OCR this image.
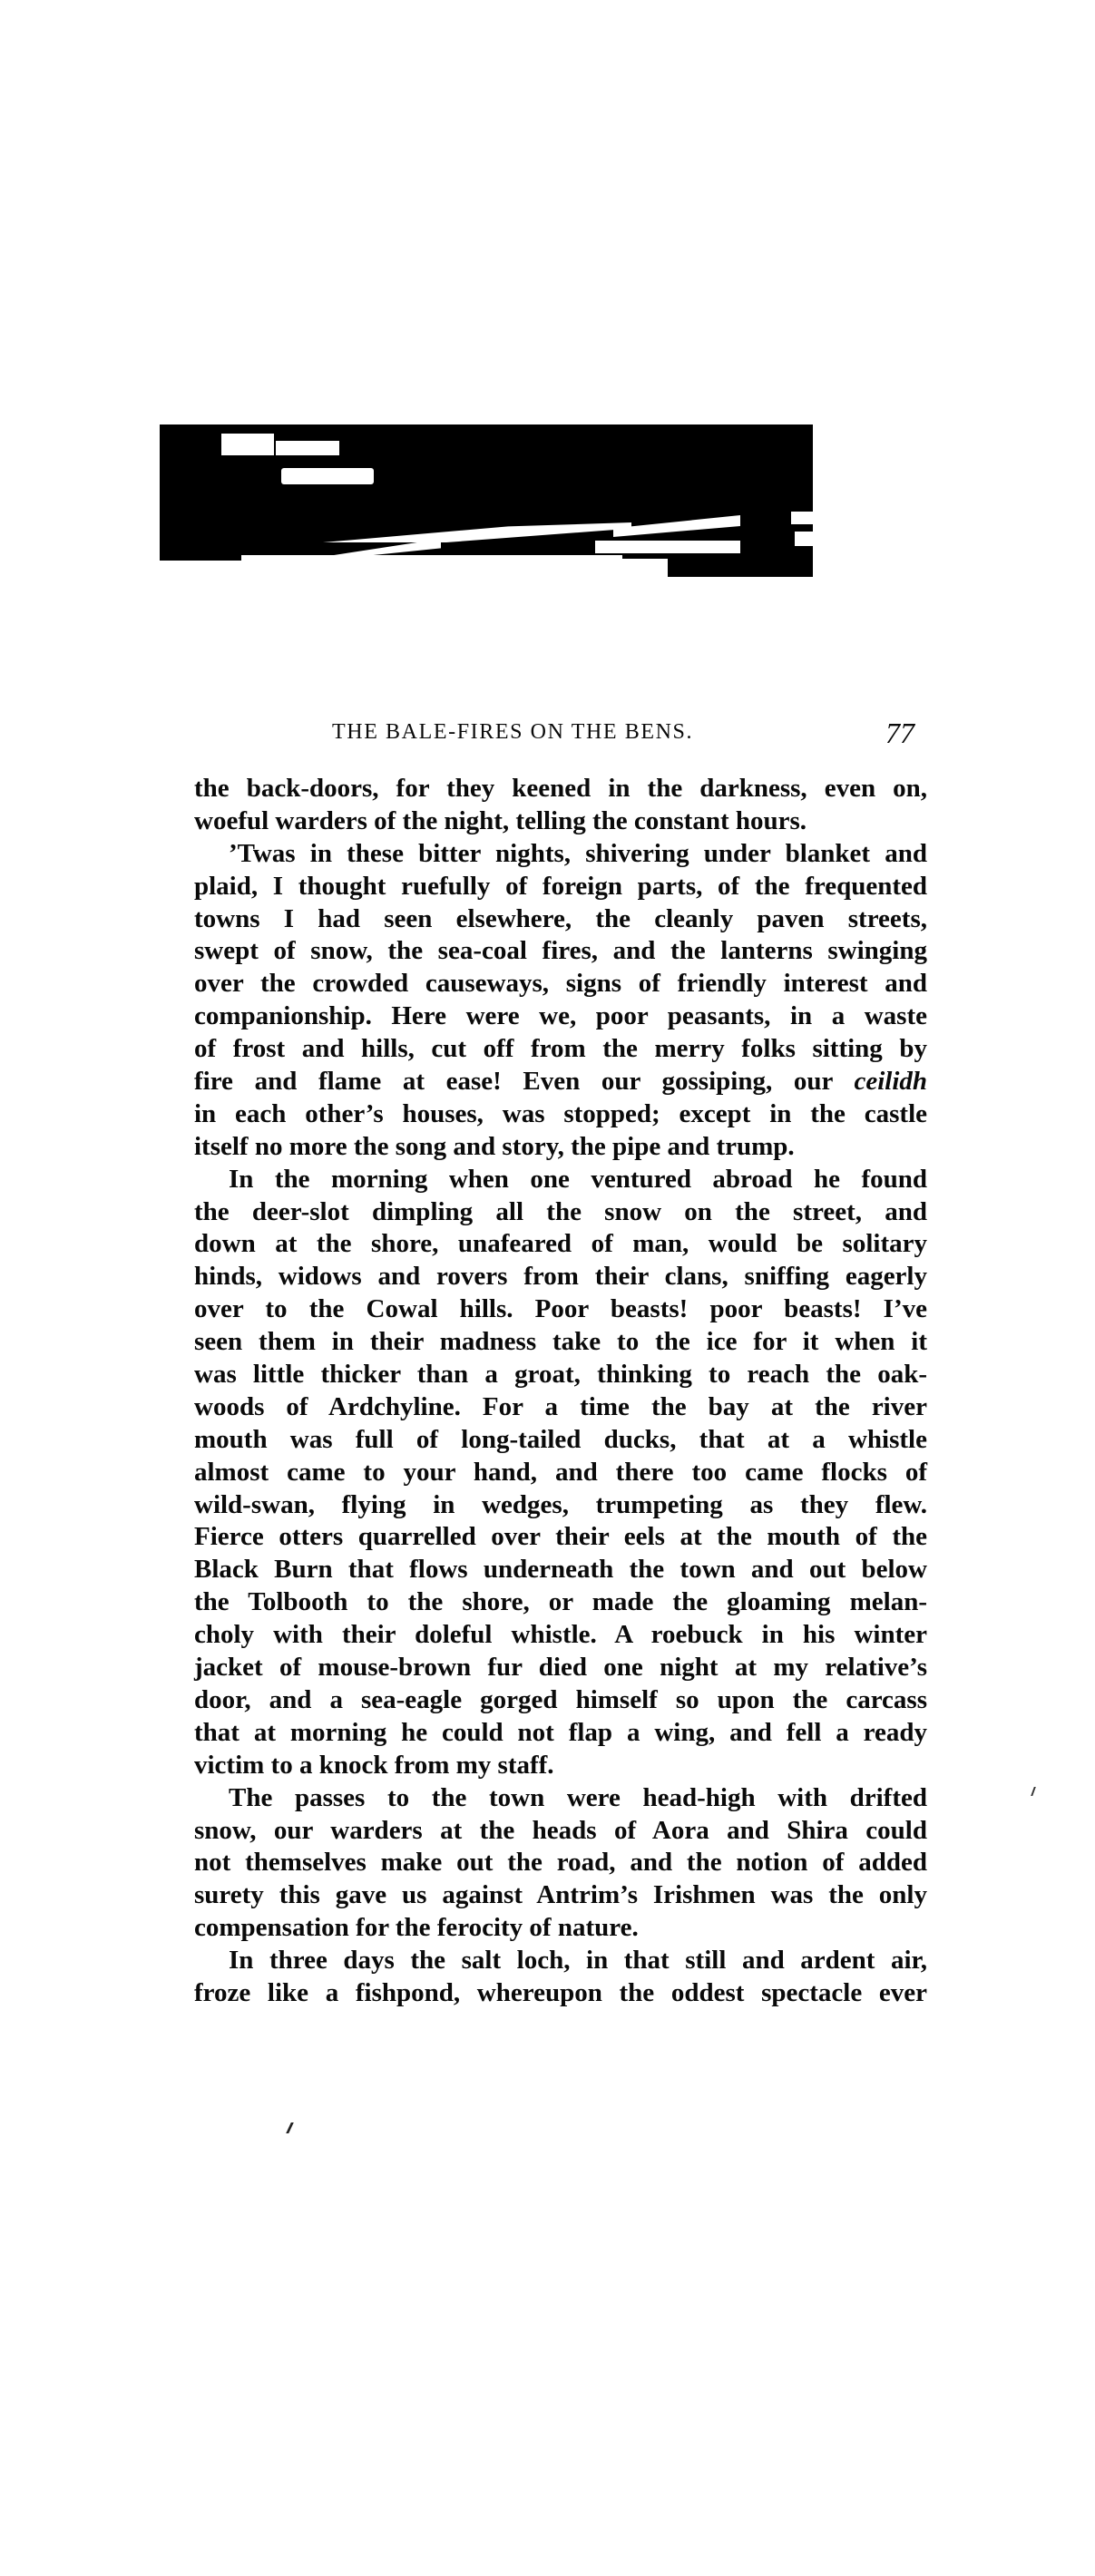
THE BALE-FIRES ON THE BENS.	77
the back-doors, for they keened in the darkness, even on,
woeful warders of the night, telling the constant hours.
’Twas in these bitter nights, shivering under blanket and
plaid, I thought ruefully of foreign parts, of the frequented
towns I had seen elsewhere, the cleanly paven streets,
swept of snow, the sea-coal fires, and the lanterns swinging
over the crowded causeways, signs of friendly interest and
companionship. Here were we, poor peasants, in a waste
of frost and hills, cut off from the merry folks sitting by
fire and flame at ease! Even our gossiping, our ceilidh
in each other’s houses, was stopped; except in the castle
itself no more the song and story, the pipe and trump.
In the morning when one ventured abroad he found
the deer-slot dimpling all the snow on the street, and
down at the shore, unafeared of man, would be solitary
hinds, widows and rovers from their clans, sniffing eagerly
over to the Cowal hills. Poor beasts! poor beasts! I’ve
seen them in their madness take to the ice for it when it
was little thicker than a groat, thinking to reach the oak-
woods of Ardchyline. For a time the bay at the river
mouth was full of long-tailed ducks, that at a whistle
almost came to your hand, and there too came flocks of
wild-swan, flying in wedges, trumpeting as they flew.
Fierce otters quarrelled over their eels at the mouth of the
Black Burn that flows underneath the town and out below
the Tolbooth to the shore, or made the gloaming melan-
choly with their doleful whistle. A roebuck in his winter
jacket of mouse-brown fur died one night at my relative’s
door, and a sea-eagle gorged himself so upon the carcass
that at morning he could not flap a wing, and fell a ready
victim to a knock from my staff.
The passes to the town were head-high with drifted
snow, our warders at the heads of Aora and Shira could
not themselves make out the road, and the notion of added
surety this gave us against Antrim’s Irishmen was the only
compensation for the ferocity of nature.
In three days the salt loch, in that still and ardent air,
froze like a fishpond, whereupon the oddest spectacle ever
